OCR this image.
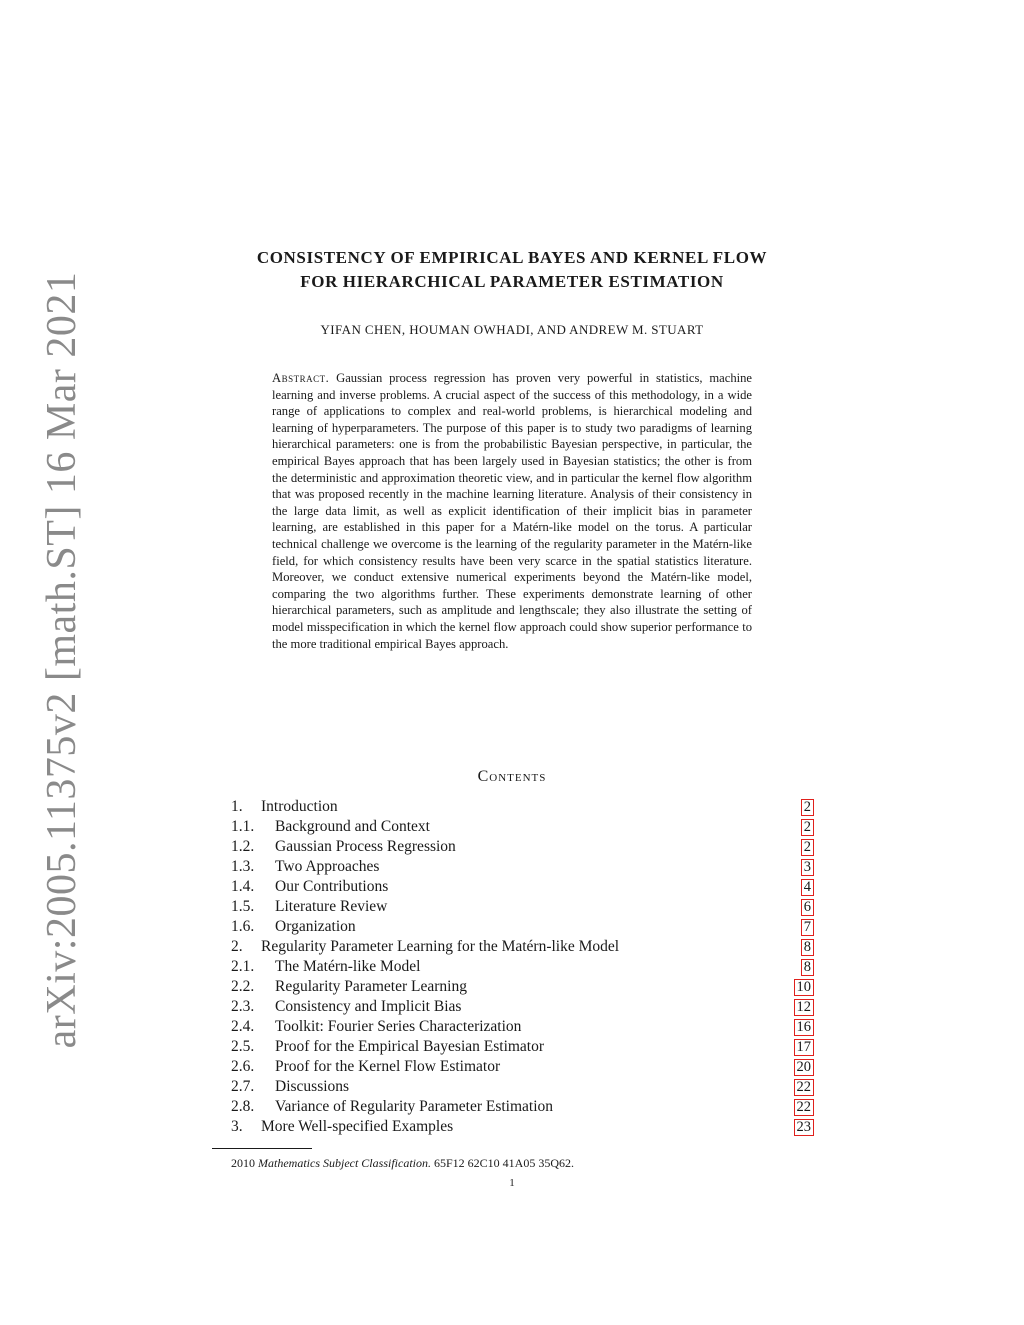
arXiv:2005.11375v2 [math.ST] 16 Mar 2021
CONSISTENCY OF EMPIRICAL BAYES AND KERNEL FLOW
FOR HIERARCHICAL PARAMETER ESTIMATION
YIFAN CHEN, HOUMAN OWHADI, AND ANDREW M. STUART
Abstract. Gaussian process regression has proven very powerful in statistics, machine learning and inverse problems. A crucial aspect of the success of this methodology, in a wide range of applications to complex and real-world problems, is hierarchical modeling and learning of hyperparameters. The purpose of this paper is to study two paradigms of learning hierarchical parameters: one is from the probabilistic Bayesian perspective, in particular, the empirical Bayes approach that has been largely used in Bayesian statistics; the other is from the deterministic and approximation theoretic view, and in particular the kernel flow algorithm that was proposed recently in the machine learning literature. Analysis of their consistency in the large data limit, as well as explicit identification of their implicit bias in parameter learning, are established in this paper for a Matérn-like model on the torus. A particular technical challenge we overcome is the learning of the regularity parameter in the Matérn-like field, for which consistency results have been very scarce in the spatial statistics literature. Moreover, we conduct extensive numerical experiments beyond the Matérn-like model, comparing the two algorithms further. These experiments demonstrate learning of other hierarchical parameters, such as amplitude and lengthscale; they also illustrate the setting of model misspecification in which the kernel flow approach could show superior performance to the more traditional empirical Bayes approach.
Contents
1. Introduction	2
1.1. Background and Context	2
1.2. Gaussian Process Regression	2
1.3. Two Approaches	3
1.4. Our Contributions	4
1.5. Literature Review	6
1.6. Organization	7
2. Regularity Parameter Learning for the Matérn-like Model	8
2.1. The Matérn-like Model	8
2.2. Regularity Parameter Learning	10
2.3. Consistency and Implicit Bias	12
2.4. Toolkit: Fourier Series Characterization	16
2.5. Proof for the Empirical Bayesian Estimator	17
2.6. Proof for the Kernel Flow Estimator	20
2.7. Discussions	22
2.8. Variance of Regularity Parameter Estimation	22
3. More Well-specified Examples	23
2010 Mathematics Subject Classification. 65F12 62C10 41A05 35Q62.
1
